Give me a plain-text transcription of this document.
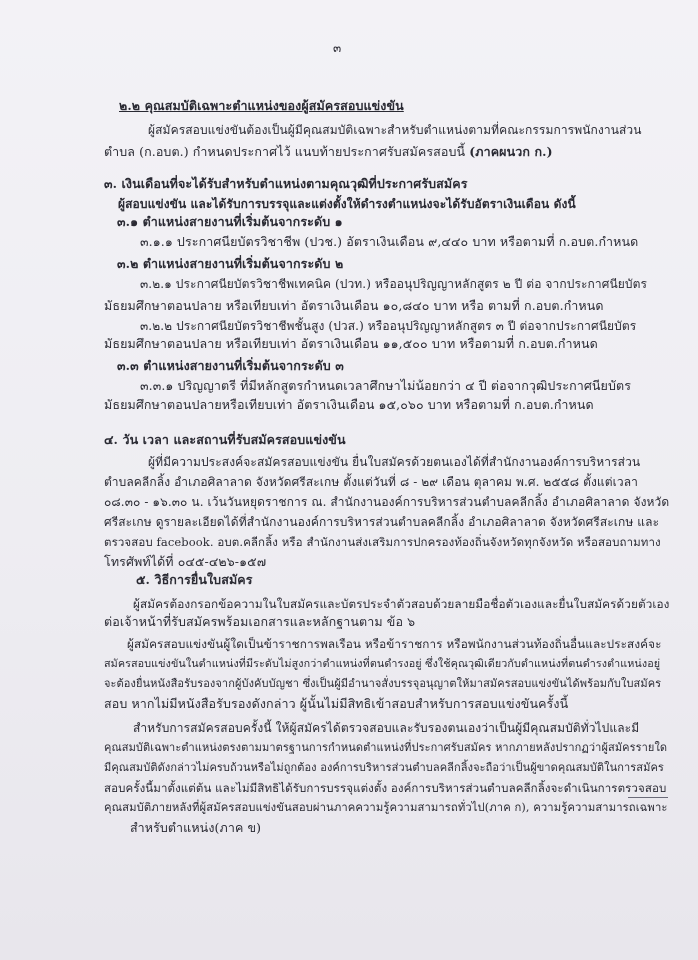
๓
๒.๒ คุณสมบัติเฉพาะตำแหน่งของผู้สมัครสอบแข่งขัน
ผู้สมัครสอบแข่งขันต้องเป็นผู้มีคุณสมบัติเฉพาะสำหรับตำแหน่งตามที่คณะกรรมการพนักงานส่วน
ตำบล (ก.อบต.) กำหนดประกาศไว้ แนบท้ายประกาศรับสมัครสอบนี้ (ภาคผนวก ก.)
๓. เงินเดือนที่จะได้รับสำหรับตำแหน่งตามคุณวุฒิที่ประกาศรับสมัคร
ผู้สอบแข่งขัน และได้รับการบรรจุและแต่งตั้งให้ดำรงตำแหน่งจะได้รับอัตราเงินเดือน ดังนี้
๓.๑ ตำแหน่งสายงานที่เริ่มต้นจากระดับ ๑
๓.๑.๑ ประกาศนียบัตรวิชาชีพ (ปวช.) อัตราเงินเดือน ๙,๔๔๐ บาท หรือตามที่ ก.อบต.กำหนด
๓.๒ ตำแหน่งสายงานที่เริ่มต้นจากระดับ ๒
๓.๒.๑ ประกาศนียบัตรวิชาชีพเทคนิค (ปวท.) หรืออนุปริญญาหลักสูตร ๒ ปี ต่อ จากประกาศนียบัตร
มัธยมศึกษาตอนปลาย หรือเทียบเท่า อัตราเงินเดือน ๑๐,๘๔๐ บาท หรือ ตามที่ ก.อบต.กำหนด
๓.๒.๒ ประกาศนียบัตรวิชาชีพชั้นสูง (ปวส.) หรืออนุปริญญาหลักสูตร ๓ ปี ต่อจากประกาศนียบัตร
มัธยมศึกษาตอนปลาย หรือเทียบเท่า อัตราเงินเดือน ๑๑,๕๐๐ บาท หรือตามที่ ก.อบต.กำหนด
๓.๓ ตำแหน่งสายงานที่เริ่มต้นจากระดับ ๓
๓.๓.๑ ปริญญาตรี ที่มีหลักสูตรกำหนดเวลาศึกษาไม่น้อยกว่า ๔ ปี ต่อจากวุฒิประกาศนียบัตร
มัธยมศึกษาตอนปลายหรือเทียบเท่า อัตราเงินเดือน ๑๕,๐๖๐ บาท หรือตามที่ ก.อบต.กำหนด
๔. วัน เวลา และสถานที่รับสมัครสอบแข่งขัน
ผู้ที่มีความประสงค์จะสมัครสอบแข่งขัน ยื่นใบสมัครด้วยตนเองได้ที่สำนักงานองค์การบริหารส่วน
ตำบลคลีกลิ้ง อำเภอศิลาลาด จังหวัดศรีสะเกษ ตั้งแต่วันที่ ๘ - ๒๙ เดือน ตุลาคม พ.ศ. ๒๕๕๘ ตั้งแต่เวลา
๐๘.๓๐ - ๑๖.๓๐ น. เว้นวันหยุดราชการ ณ. สำนักงานองค์การบริหารส่วนตำบลคลีกลิ้ง อำเภอศิลาลาด จังหวัด
ศรีสะเกษ ดูรายละเอียดได้ที่สำนักงานองค์การบริหารส่วนตำบลคลีกลิ้ง อำเภอศิลาลาด จังหวัดศรีสะเกษ และ
ตรวจสอบ facebook. อบต.คลีกลิ้ง หรือ สำนักงานส่งเสริมการปกครองท้องถิ่นจังหวัดทุกจังหวัด หรือสอบถามทาง
โทรศัพท์ได้ที่ ๐๔๕-๔๒๖-๑๕๗
๕. วิธีการยื่นใบสมัคร
ผู้สมัครต้องกรอกข้อความในใบสมัครและบัตรประจำตัวสอบด้วยลายมือชื่อตัวเองและยื่นใบสมัครด้วยตัวเอง
ต่อเจ้าหน้าที่รับสมัครพร้อมเอกสารและหลักฐานตาม ข้อ ๖
ผู้สมัครสอบแข่งขันผู้ใดเป็นข้าราชการพลเรือน หรือข้าราชการ หรือพนักงานส่วนท้องถิ่นอื่นและประสงค์จะ
สมัครสอบแข่งขันในตำแหน่งที่มีระดับไม่สูงกว่าตำแหน่งที่ตนดำรงอยู่ ซึ่งใช้คุณวุฒิเดียวกับตำแหน่งที่ตนดำรงตำแหน่งอยู่
จะต้องยื่นหนังสือรับรองจากผู้บังคับบัญชา ซึ่งเป็นผู้มีอำนาจสั่งบรรจุอนุญาตให้มาสมัครสอบแข่งขันได้พร้อมกับใบสมัคร
สอบ หากไม่มีหนังสือรับรองดังกล่าว ผู้นั้นไม่มีสิทธิเข้าสอบสำหรับการสอบแข่งขันครั้งนี้
สำหรับการสมัครสอบครั้งนี้ ให้ผู้สมัครได้ตรวจสอบและรับรองตนเองว่าเป็นผู้มีคุณสมบัติทั่วไปและมี
คุณสมบัติเฉพาะตำแหน่งตรงตามมาตรฐานการกำหนดตำแหน่งที่ประกาศรับสมัคร หากภายหลังปรากฏว่าผู้สมัครรายใด
มีคุณสมบัติดังกล่าวไม่ครบถ้วนหรือไม่ถูกต้อง องค์การบริหารส่วนตำบลคลีกลิ้งจะถือว่าเป็นผู้ขาดคุณสมบัติในการสมัคร
สอบครั้งนี้มาตั้งแต่ต้น และไม่มีสิทธิได้รับการบรรจุแต่งตั้ง องค์การบริหารส่วนตำบลคลีกลิ้งจะดำเนินการตรวจสอบ
คุณสมบัติภายหลังที่ผู้สมัครสอบแข่งขันสอบผ่านภาคความรู้ความสามารถทั่วไป(ภาค ก), ความรู้ความสามารถเฉพาะ
สำหรับตำแหน่ง(ภาค ข)
